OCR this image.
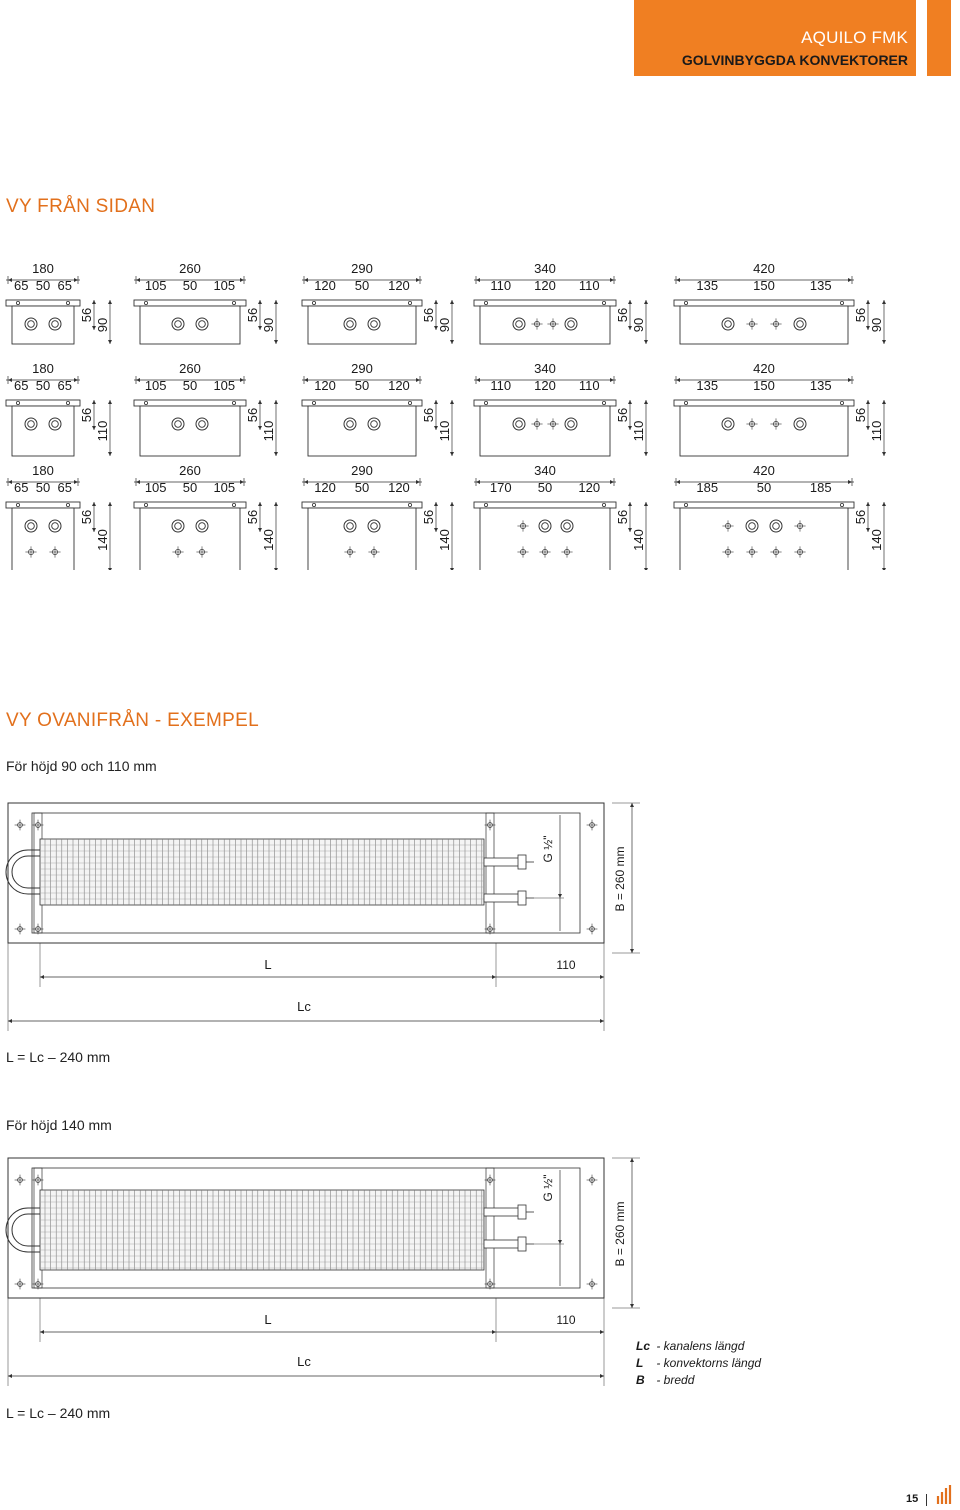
AQUILO FMK
GOLVINBYGGDA KONVEKTORER
VY FRÅN SIDAN
180
65 50 65
56
90
260
105 50 105
56
90
290
120 50 120
56
90
340
110 120 110
56
90
420
135	150	135
56
90
180
65 50 65
56
110
260
105 50 105
56
110
290
120 50 120
56
110
340
110 120 110
56
110
420
135	150	135
56
110
180
65 50 65
56
140
260
105 50 105
56
140
290
120 50 120
56
140
340
170 50 120
56
140
420
185	50	185
56
140
VY OVANIFRÅN - EXEMPEL
För höjd 90 och 110 mm
G ½"	B = 260 mm
L	110
Lc
L = Lc – 240 mm
För höjd 140 mm
G ½"
B = 260 mm
L	110
Lc
L = Lc – 240 mm
Lc - kanalens längd
L - konvektorns längd
B - bredd
15
